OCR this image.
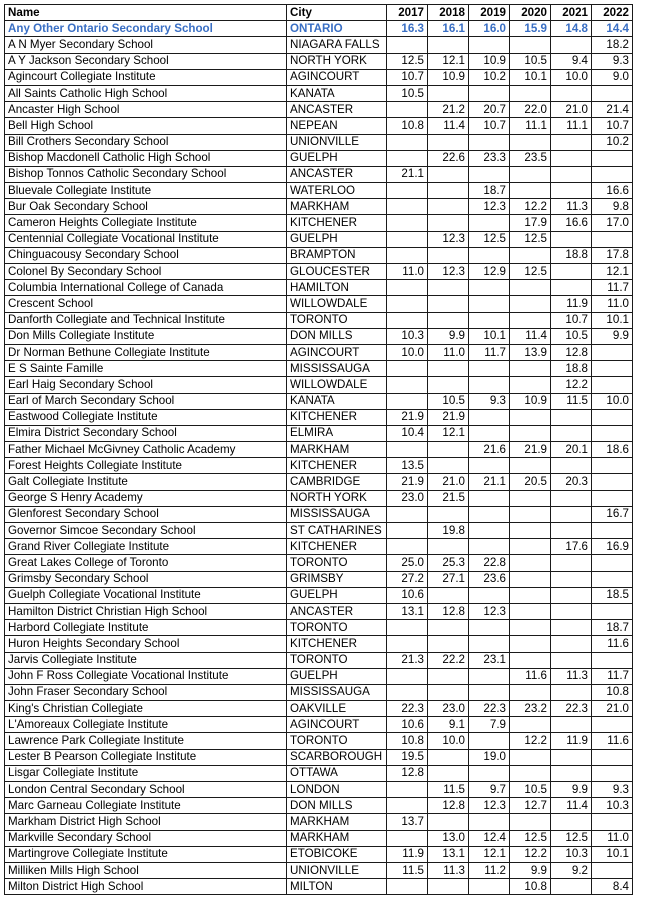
Name	City	2017	2018	2019	2020	2021	2022
Any Other Ontario Secondary School	ONTARIO	16.3	16.1	16.0	15.9	14.8	14.4
A N Myer Secondary School	NIAGARA FALLS						18.2
A Y Jackson Secondary School	NORTH YORK	12.5	12.1	10.9	10.5	9.4	9.3
Agincourt Collegiate Institute	AGINCOURT	10.7	10.9	10.2	10.1	10.0	9.0
All Saints Catholic High School	KANATA	10.5					
Ancaster High School	ANCASTER		21.2	20.7	22.0	21.0	21.4
Bell High School	NEPEAN	10.8	11.4	10.7	11.1	11.1	10.7
Bill Crothers Secondary School	UNIONVILLE						10.2
Bishop Macdonell Catholic High School	GUELPH		22.6	23.3	23.5		
Bishop Tonnos Catholic Secondary School	ANCASTER	21.1					
Bluevale Collegiate Institute	WATERLOO			18.7			16.6
Bur Oak Secondary School	MARKHAM			12.3	12.2	11.3	9.8
Cameron Heights Collegiate Institute	KITCHENER				17.9	16.6	17.0
Centennial Collegiate Vocational Institute	GUELPH		12.3	12.5	12.5		
Chinguacousy Secondary School	BRAMPTON					18.8	17.8
Colonel By Secondary School	GLOUCESTER	11.0	12.3	12.9	12.5		12.1
Columbia International College of Canada	HAMILTON						11.7
Crescent School	WILLOWDALE					11.9	11.0
Danforth Collegiate and Technical Institute	TORONTO					10.7	10.1
Don Mills Collegiate Institute	DON MILLS	10.3	9.9	10.1	11.4	10.5	9.9
Dr Norman Bethune Collegiate Institute	AGINCOURT	10.0	11.0	11.7	13.9	12.8	
E S Sainte Famille	MISSISSAUGA					18.8	
Earl Haig Secondary School	WILLOWDALE					12.2	
Earl of March Secondary School	KANATA		10.5	9.3	10.9	11.5	10.0
Eastwood Collegiate Institute	KITCHENER	21.9	21.9				
Elmira District Secondary School	ELMIRA	10.4	12.1				
Father Michael McGivney Catholic Academy	MARKHAM			21.6	21.9	20.1	18.6
Forest Heights Collegiate Institute	KITCHENER	13.5					
Galt Collegiate Institute	CAMBRIDGE	21.9	21.0	21.1	20.5	20.3	
George S Henry Academy	NORTH YORK	23.0	21.5				
Glenforest Secondary School	MISSISSAUGA						16.7
Governor Simcoe Secondary School	ST CATHARINES		19.8				
Grand River Collegiate Institute	KITCHENER					17.6	16.9
Great Lakes College of Toronto	TORONTO	25.0	25.3	22.8			
Grimsby Secondary School	GRIMSBY	27.2	27.1	23.6			
Guelph Collegiate Vocational Institute	GUELPH	10.6					18.5
Hamilton District Christian High School	ANCASTER	13.1	12.8	12.3			
Harbord Collegiate Institute	TORONTO						18.7
Huron Heights Secondary School	KITCHENER						11.6
Jarvis Collegiate Institute	TORONTO	21.3	22.2	23.1			
John F Ross Collegiate Vocational Institute	GUELPH				11.6	11.3	11.7
John Fraser Secondary School	MISSISSAUGA						10.8
King's Christian Collegiate	OAKVILLE	22.3	23.0	22.3	23.2	22.3	21.0
L'Amoreaux Collegiate Institute	AGINCOURT	10.6	9.1	7.9			
Lawrence Park Collegiate Institute	TORONTO	10.8	10.0		12.2	11.9	11.6
Lester B Pearson Collegiate Institute	SCARBOROUGH	19.5		19.0			
Lisgar Collegiate Institute	OTTAWA	12.8					
London Central Secondary School	LONDON		11.5	9.7	10.5	9.9	9.3
Marc Garneau Collegiate Institute	DON MILLS		12.8	12.3	12.7	11.4	10.3
Markham District High School	MARKHAM	13.7					
Markville Secondary School	MARKHAM		13.0	12.4	12.5	12.5	11.0
Martingrove Collegiate Institute	ETOBICOKE	11.9	13.1	12.1	12.2	10.3	10.1
Milliken Mills High School	UNIONVILLE	11.5	11.3	11.2	9.9	9.2	
Milton District High School	MILTON				10.8		8.4
